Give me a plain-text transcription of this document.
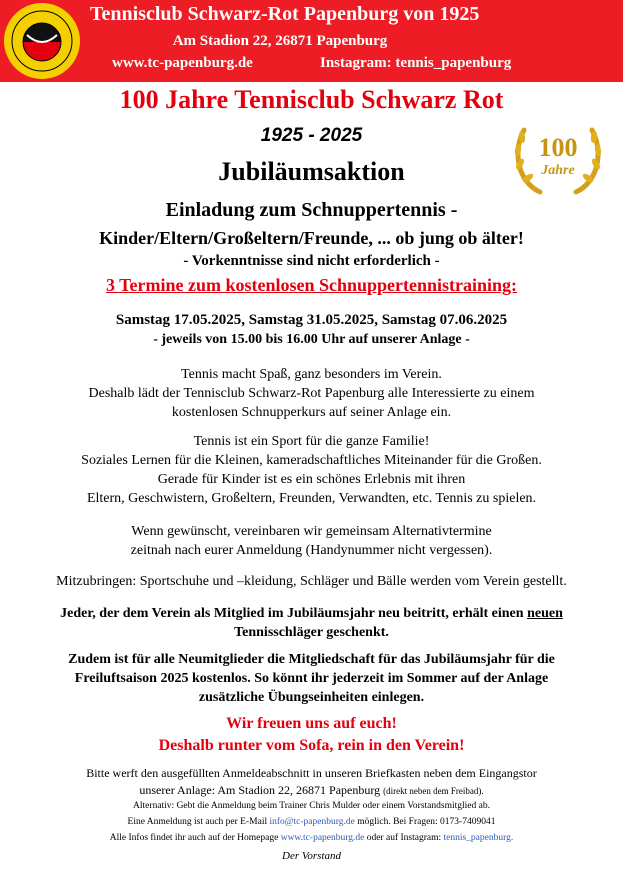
Tennisclub Schwarz-Rot Papenburg von 1925
Am Stadion 22, 26871 Papenburg
www.tc-papenburg.de	Instagram: tennis_papenburg
100 Jahre Tennisclub Schwarz Rot
1925 - 2025	100
Jahre
Jubiläumsaktion
Einladung zum Schnuppertennis -
Kinder/Eltern/Großeltern/Freunde, ... ob jung ob älter!
- Vorkenntnisse sind nicht erforderlich -
3 Termine zum kostenlosen Schnuppertennistraining:
Samstag 17.05.2025, Samstag 31.05.2025, Samstag 07.06.2025
- jeweils von 15.00 bis 16.00 Uhr auf unserer Anlage -
Tennis macht Spaß, ganz besonders im Verein.
Deshalb lädt der Tennisclub Schwarz-Rot Papenburg alle Interessierte zu einem
kostenlosen Schnupperkurs auf seiner Anlage ein.
Tennis ist ein Sport für die ganze Familie!
Soziales Lernen für die Kleinen, kameradschaftliches Miteinander für die Großen.
Gerade für Kinder ist es ein schönes Erlebnis mit ihren
Eltern, Geschwistern, Großeltern, Freunden, Verwandten, etc. Tennis zu spielen.
Wenn gewünscht, vereinbaren wir gemeinsam Alternativtermine
zeitnah nach eurer Anmeldung (Handynummer nicht vergessen).
Mitzubringen: Sportschuhe und –kleidung, Schläger und Bälle werden vom Verein gestellt.
Jeder, der dem Verein als Mitglied im Jubiläumsjahr neu beitritt, erhält einen neuen
Tennisschläger geschenkt.
Zudem ist für alle Neumitglieder die Mitgliedschaft für das Jubiläumsjahr für die
Freiluftsaison 2025 kostenlos. So könnt ihr jederzeit im Sommer auf der Anlage
zusätzliche Übungseinheiten einlegen.
Wir freuen uns auf euch!
Deshalb runter vom Sofa, rein in den Verein!
Bitte werft den ausgefüllten Anmeldeabschnitt in unseren Briefkasten neben dem Eingangstor
unserer Anlage: Am Stadion 22, 26871 Papenburg (direkt neben dem Freibad).
Alternativ: Gebt die Anmeldung beim Trainer Chris Mulder oder einem Vorstandsmitglied ab.
Eine Anmeldung ist auch per E-Mail info@tc-papenburg.de möglich. Bei Fragen: 0173-7409041
Alle Infos findet ihr auch auf der Homepage www.tc-papenburg.de oder auf Instagram: tennis_papenburg.
Der Vorstand
